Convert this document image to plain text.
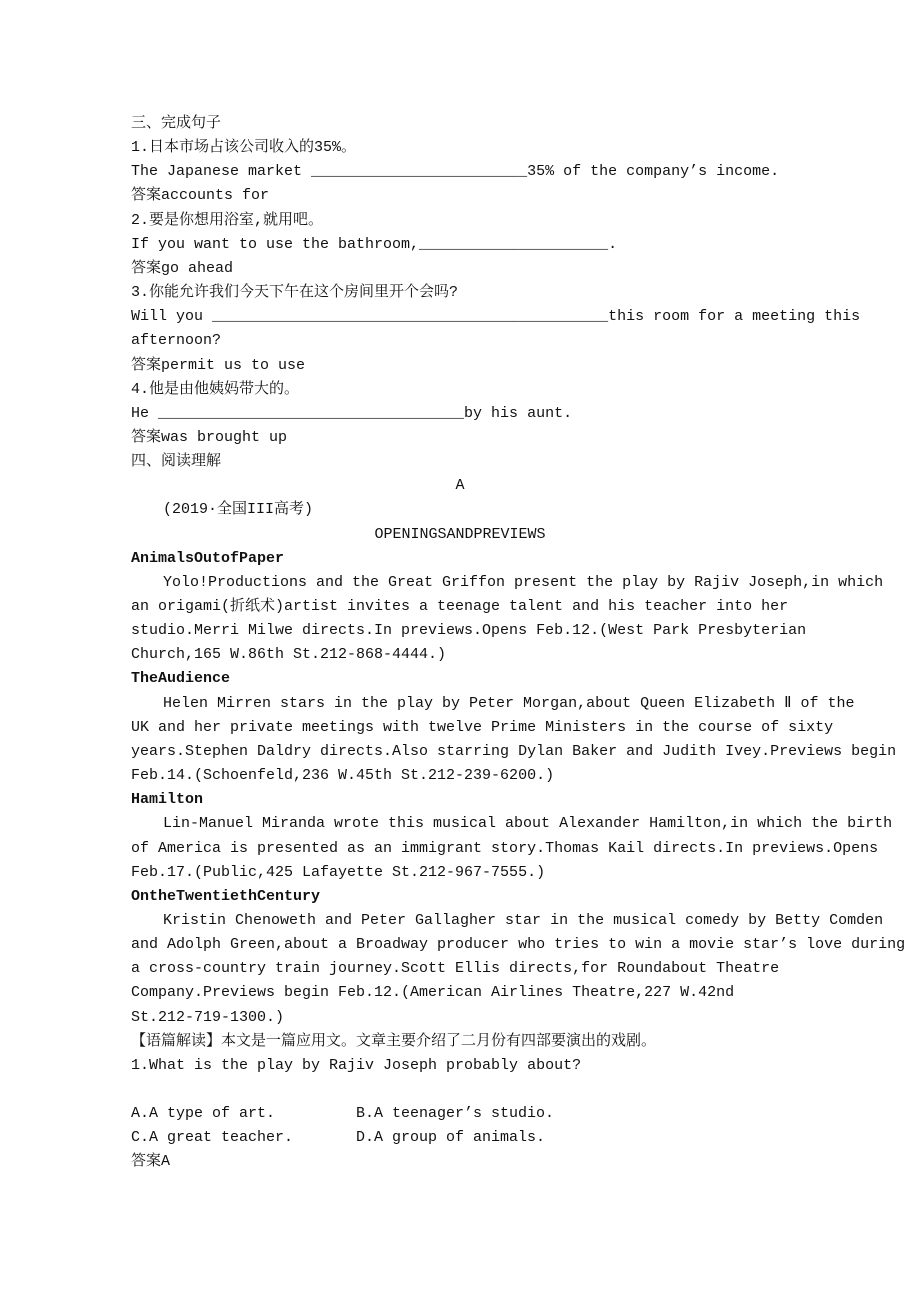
三、完成句子
1.日本市场占该公司收入的35%。
The Japanese market ________________________35% of the company’s income.
答案accounts for
2.要是你想用浴室,就用吧。
If you want to use the bathroom,_____________________.
答案go ahead
3.你能允许我们今天下午在这个房间里开个会吗?
Will you ____________________________________________this room for a meeting this
afternoon?
答案permit us to use
4.他是由他姨妈带大的。
He __________________________________by his aunt.
答案was brought up
四、阅读理解
A
(2019·全国III高考)
OPENINGSANDPREVIEWS
AnimalsOutofPaper
Yolo!Productions and the Great Griffon present the play by Rajiv Joseph,in which
an origami(折纸术)artist invites a teenage talent and his teacher into her
studio.Merri Milwe directs.In previews.Opens Feb.12.(West Park Presbyterian
Church,165 W.86th St.212-868-4444.)
TheAudience
Helen Mirren stars in the play by Peter Morgan,about Queen Elizabeth Ⅱ of the
UK and her private meetings with twelve Prime Ministers in the course of sixty
years.Stephen Daldry directs.Also starring Dylan Baker and Judith Ivey.Previews begin
Feb.14.(Schoenfeld,236 W.45th St.212-239-6200.)
Hamilton
Lin-Manuel Miranda wrote this musical about Alexander Hamilton,in which the birth
of America is presented as an immigrant story.Thomas Kail directs.In previews.Opens
Feb.17.(Public,425 Lafayette St.212-967-7555.)
OntheTwentiethCentury
Kristin Chenoweth and Peter Gallagher star in the musical comedy by Betty Comden
and Adolph Green,about a Broadway producer who tries to win a movie star’s love during
a cross-country train journey.Scott Ellis directs,for Roundabout Theatre
Company.Previews begin Feb.12.(American Airlines Theatre,227 W.42nd
St.212-719-1300.)
【语篇解读】本文是一篇应用文。文章主要介绍了二月份有四部要演出的戏剧。
1.What is the play by Rajiv Joseph probably about?
A.A type of art.	B.A teenager’s studio.
C.A great teacher.	D.A group of animals.
答案A
